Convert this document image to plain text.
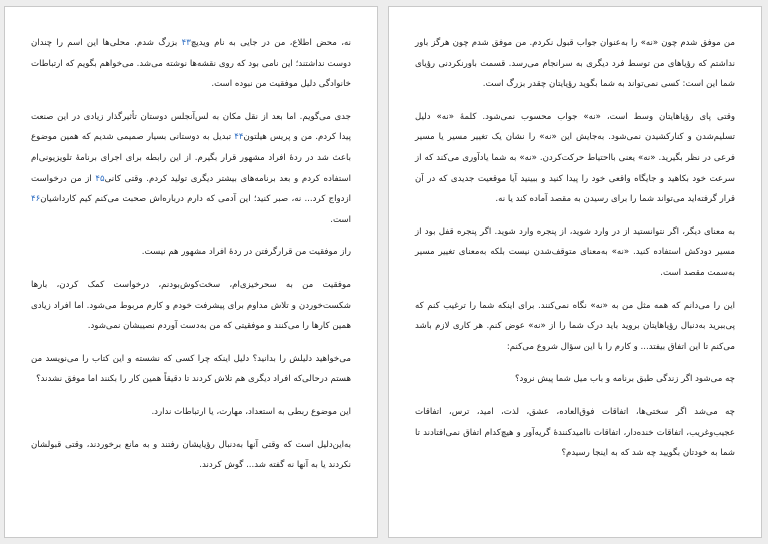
نه، محض اطلاع، من در جایی به نام ویدیچ۴۳ بزرگ شدم. محلی‌ها این اسم را چندان دوست نداشتند؛ این نامی بود که روی نقشه‌ها نوشته می‌شد. می‌خواهم بگویم که ارتباطات خانوادگی دلیل موفقیت من نبوده است.

جدی می‌گویم. اما بعد از نقل مکان به لس‌آنجلس دوستان تأثیرگذار زیادی در این صنعت پیدا کردم. من و پریس هیلتون۴۴ تبدیل به دوستانی بسیار صمیمی شدیم که همین موضوع باعث شد در ردهٔ افراد مشهور قرار بگیرم. از این رابطه برای اجرای برنامهٔ تلویزیونی‌ام استفاده کردم و بعد برنامه‌های بیشتر دیگری تولید کردم. وقتی کانی۴۵ از من درخواست ازدواج کرد... نه، صبر کنید؛ این آدمی که دارم درباره‌اش صحبت می‌کنم کیم کارداشیان۴۶ است.

راز موفقیت من قرارگرفتن در ردهٔ افراد مشهور هم نیست.

موفقیت من به سحرخیزی‌ام، سخت‌کوش‌بودنم، درخواست کمک کردن، بارها شکست‌خوردن و تلاش مداوم برای پیشرفت خودم و کارم مربوط می‌شود. اما افراد زیادی همین کارها را می‌کنند و موفقیتی که من به‌دست آوردم نصیبشان نمی‌شود.

می‌خواهید دلیلش را بدانید؟ دلیل اینکه چرا کسی که نشسته و این کتاب را می‌نویسد من هستم درحالی‌که افراد دیگری هم تلاش کردند تا دقیقاً همین کار را بکنند اما موفق نشدند؟

این موضوع ربطی به استعداد، مهارت، یا ارتباطات ندارد.

به‌این‌دلیل است که وقتی آنها به‌دنبال رؤیایشان رفتند و به مانع برخوردند، وقتی قبولشان نکردند یا به آنها نه گفته شد... گوش کردند.

من موفق شدم چون «نه» را به‌عنوان جواب قبول نکردم. من موفق شدم چون هرگز باور نداشتم که رؤیاهای من توسط فرد دیگری به سرانجام می‌رسد. قسمت باورنکردنی رؤیای شما این است: کسی نمی‌تواند به شما بگوید رؤیایتان چقدر بزرگ است.

وقتی پای رؤیاهایتان وسط است، «نه» جواب محسوب نمی‌شود. کلمهٔ «نه» دلیل تسلیم‌شدن و کنارکشیدن نمی‌شود. به‌جایش این «نه» را نشان یک تغییر مسیر یا مسیر فرعی در نظر بگیرید. «نه» یعنی بااحتیاط حرکت‌کردن. «نه» به شما یادآوری می‌کند که از سرعت خود بکاهید و جایگاه واقعی خود را پیدا کنید و ببینید آیا موقعیت جدیدی که در آن قرار گرفته‌اید می‌تواند شما را برای رسیدن به مقصد آماده کند یا نه.

به معنای دیگر، اگر نتوانستید از در وارد شوید، از پنجره وارد شوید. اگر پنجره قفل بود از مسیر دودکش استفاده کنید. «نه» به‌معنای متوقف‌شدن نیست بلکه به‌معنای تغییر مسیر به‌سمت مقصد است.

این را می‌دانم که همه مثل من به «نه» نگاه نمی‌کنند. برای اینکه شما را ترغیب کنم که پی‌ببرید به‌دنبال رؤیاهایتان بروید باید درک شما را از «نه» عوض کنم. هر کاری لازم باشد می‌کنم تا این اتفاق بیفتد... و کارم را با این سؤال شروع می‌کنم:

چه می‌شود اگر زندگی طبق برنامه و باب میل شما پیش نرود؟

چه می‌شد اگر سختی‌ها، اتفاقات فوق‌العاده، عشق، لذت، امید، ترس، اتفاقات عجیب‌وغریب، اتفاقات خنده‌دار، اتفاقات ناامیدکنندهٔ گریه‌آور و هیچ‌کدام اتفاق نمی‌افتادند تا شما به خودتان بگویید چه شد که به اینجا رسیدم؟
